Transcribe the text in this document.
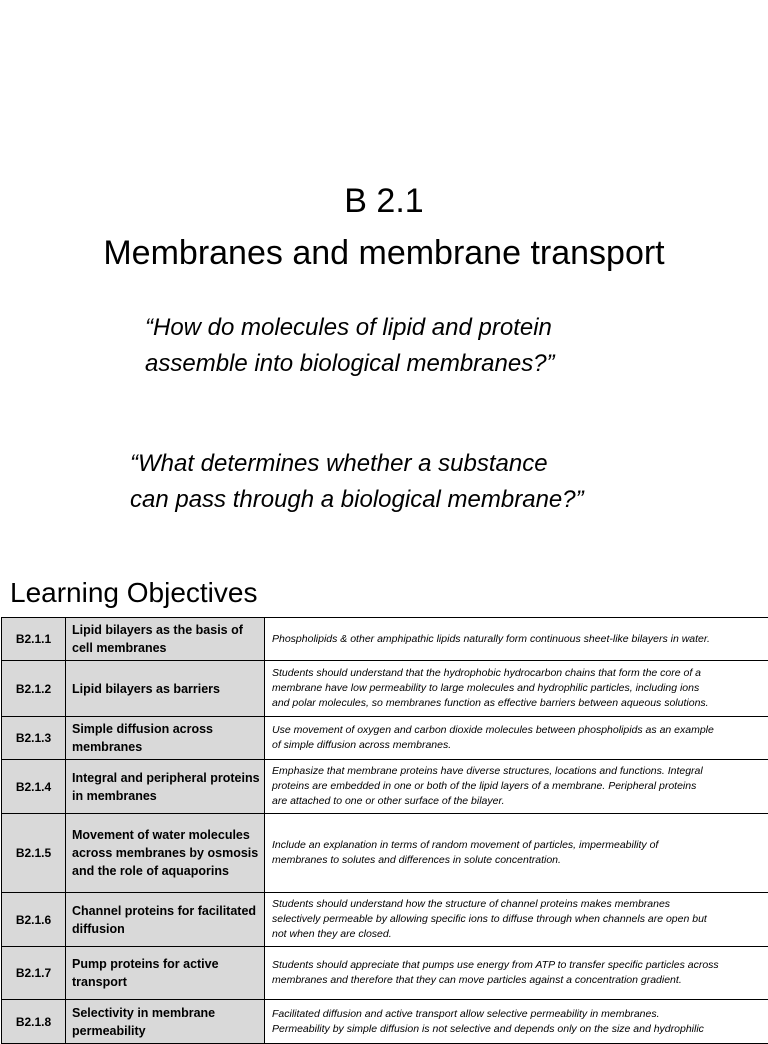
B 2.1
Membranes and membrane transport
“How do molecules of lipid and protein
assemble into biological membranes?”
“What determines whether a substance
can pass through a biological membrane?”
Learning Objectives
B2.1.1	Lipid bilayers as the basis of cell membranes	Phospholipids & other amphipathic lipids naturally form continuous sheet-like bilayers in water.

B2.1.2	Lipid bilayers as barriers	Students should understand that the hydrophobic hydrocarbon chains that form the core of a
membrane have low permeability to large molecules and hydrophilic particles, including ions
and polar molecules, so membranes function as effective barriers between aqueous solutions.

B2.1.3	Simple diffusion across membranes	Use movement of oxygen and carbon dioxide molecules between phospholipids as an example
of simple diffusion across membranes.

B2.1.4	Integral and peripheral proteins in membranes	Emphasize that membrane proteins have diverse structures, locations and functions. Integral
proteins are embedded in one or both of the lipid layers of a membrane. Peripheral proteins
are attached to one or other surface of the bilayer.

B2.1.5	Movement of water molecules across membranes by osmosis and the role of aquaporins	Include an explanation in terms of random movement of particles, impermeability of
membranes to solutes and differences in solute concentration.

B2.1.6	Channel proteins for facilitated diffusion	Students should understand how the structure of channel proteins makes membranes
selectively permeable by allowing specific ions to diffuse through when channels are open but
not when they are closed.

B2.1.7	Pump proteins for active transport	Students should appreciate that pumps use energy from ATP to transfer specific particles across
membranes and therefore that they can move particles against a concentration gradient.

B2.1.8	Selectivity in membrane permeability	Facilitated diffusion and active transport allow selective permeability in membranes.
Permeability by simple diffusion is not selective and depends only on the size and hydrophilic
